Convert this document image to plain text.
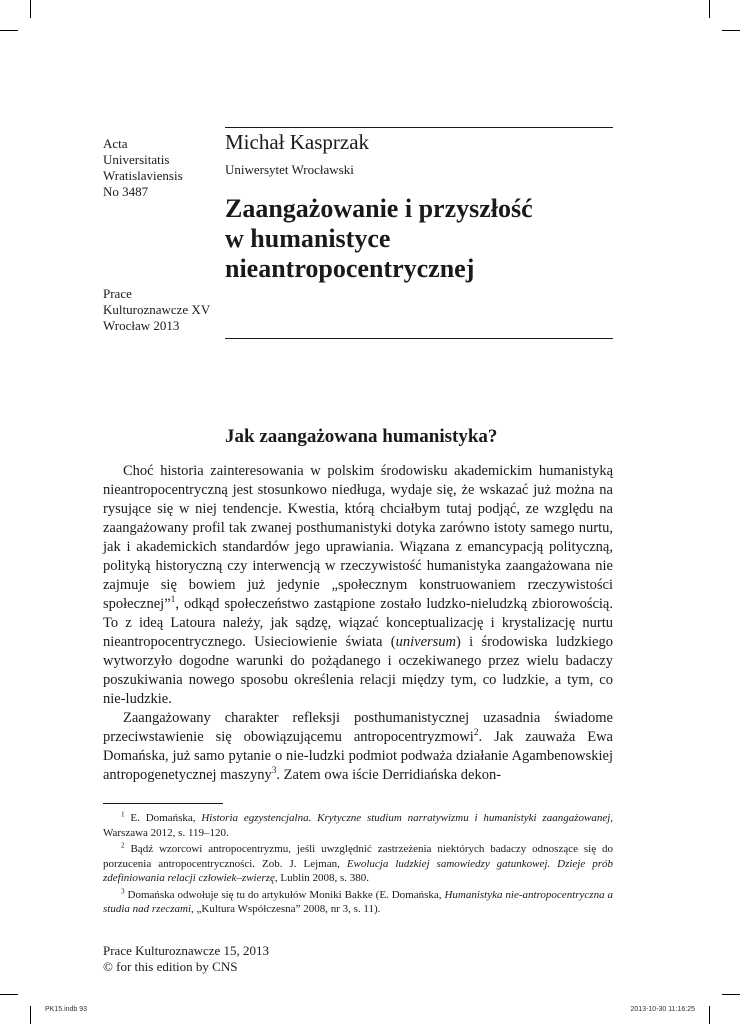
Acta
Universitatis
Wratislaviensis
No 3487
Prace
Kulturoznawcze XV
Wrocław 2013
Michał Kasprzak
Uniwersytet Wrocławski
Zaangażowanie i przyszłość
w humanistyce
nieantropocentrycznej
Jak zaangażowana humanistyka?

Choć historia zainteresowania w polskim środowisku akademickim humanistyką nieantropocentryczną jest stosunkowo niedługa, wydaje się, że wskazać już można na rysujące się w niej tendencje. Kwestia, którą chciałbym tutaj podjąć, ze względu na zaangażowany profil tak zwanej posthumanistyki dotyka zarówno istoty samego nurtu, jak i akademickich standardów jego uprawiania. Wiązana z emancypacją polityczną, polityką historyczną czy interwencją w rzeczywistość humanistyka zaangażowana nie zajmuje się bowiem już jedynie „społecznym konstruowaniem rzeczywistości społecznej”$^1$, odkąd społeczeństwo zastąpione zostało ludzko-nieludzką zbiorowością. To z ideą Latoura należy, jak sądzę, wiązać konceptualizację i krystalizację nurtu nieantropocentrycznego. Usieciowienie świata (universum) i środowiska ludzkiego wytworzyło dogodne warunki do pożądanego i oczekiwanego przez wielu badaczy poszukiwania nowego sposobu określenia relacji między tym, co ludzkie, a tym, co nie-ludzkie.

Zaangażowany charakter refleksji posthumanistycznej uzasadnia świadome przeciwstawienie się obowiązującemu antropocentryzmowi$^2$. Jak zauważa Ewa Domańska, już samo pytanie o nie-ludzki podmiot podważa działanie Agambenowskiej antropogenetycznej maszyny$^3$. Zatem owa iście Derridiańska dekon-

$^1$ E. Domańska, Historia egzystencjalna. Krytyczne studium narratywizmu i humanistyki zaangażowanej, Warszawa 2012, s. 119–120.

$^2$ Bądź wzorcowi antropocentryzmu, jeśli uwzględnić zastrzeżenia niektórych badaczy odnoszące się do porzucenia antropocentryczności. Zob. J. Lejman, Ewolucja ludzkiej samowiedzy gatunkowej. Dzieje prób zdefiniowania relacji człowiek–zwierzę, Lublin 2008, s. 380.

$^3$ Domańska odwołuje się tu do artykułów Moniki Bakke (E. Domańska, Humanistyka nie-antropocentryczna a studia nad rzeczami, „Kultura Współczesna” 2008, nr 3, s. 11).

Prace Kulturoznawcze 15, 2013
© for this edition by CNS
PK15.indb 93	2013-10-30 11:16:25
